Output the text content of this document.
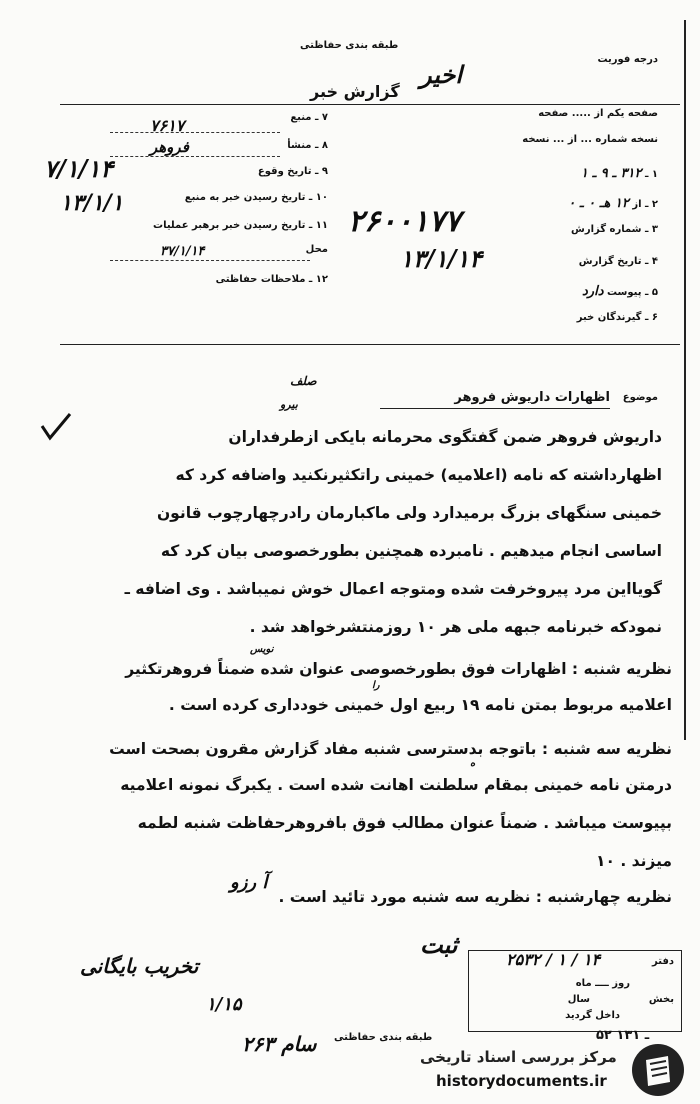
طبقه بندی حفاظتی
درجه فوریت
گزارش خبر
اخیر
۷ ـ منبع
۷۶۱۷
۸ ـ منشأ
فروهر
۹ ـ تاریخ وقوع
۷/۱/۱۴
۱۰ ـ تاریخ رسیدن خبر به منبع
۱۳/۱/۱
۱۱ ـ تاریخ رسیدن خبر برهبر عملیات
محل
۳۷/۱/۱۴
۱۲ ـ ملاحظات حفاظتی
صفحه یکم از ..... صفحه
نسخه شماره ... از ... نسخه
۱ ـ ۳۱۲ ـ ۹ ـ ۱
۲ ـ از ۱۲ هـ ۰ ـ ۰
۳ ـ شماره گزارش
۲۶۰۰۱۷۷
۴ ـ تاریخ گزارش
۱۳/۱/۱۴
۵ ـ پیوست دارد
۶ ـ گیرندگان خبر
صلف
بیرو
موضوع
اظهارات داریوش فروهر
داریوش فروهر ضمن گفتگوی محرمانه بایکی ازطرفداران
اظهارداشته که نامه (اعلامیه) خمینی راتکثیرنکنید واضافه کرد که
خمینی سنگهای بزرگ برمیدارد ولی ماکبارمان رادرچهارچوب قانون
اساسی انجام میدهیم . نامبرده همچنین بطورخصوصی بیان کرد که
گویااین مرد پیروخرفت شده ومتوجه اعمال خوش نمیباشد . وی اضافه ـ
نمودکه خبرنامه جبهه ملی هر ۱۰ روزمنتشرخواهد شد .
نویس
نظریه شنبه : اظهارات فوق بطورخصوصی عنوان شده ضمناً فروهرتکثیر
را
اعلامیه مربوط بمتن نامه ۱۹ ربیع اول خمینی خودداری کرده است .
نظریه سه شنبه : باتوجه بدسترسی شنبه مفاد گزارش مقرون بصحت است
ه
درمتن نامه خمینی بمقام سلطنت اهانت شده است . یکبرگ نمونه اعلامیه
بپیوست میباشد . ضمناً عنوان مطالب فوق بافروهرحفاظت شنبه لطمه
میزند . ۱۰
نظریه چهارشنبه : نظریه سه شنبه مورد تائید است .
آ رزو
تخریب بایگانی
ثبت
۲۵۳۲ / ۱ / ۱۴	دفتر
روز ــــ ماه
بخش
سال
داخل گردید
۱/۱۵
۵۲ ـ ۱۳۱
طبقه بندی حفاظتی
۲۶۳ سام
مرکز بررسی اسناد تاریخی
historydocuments.ir
